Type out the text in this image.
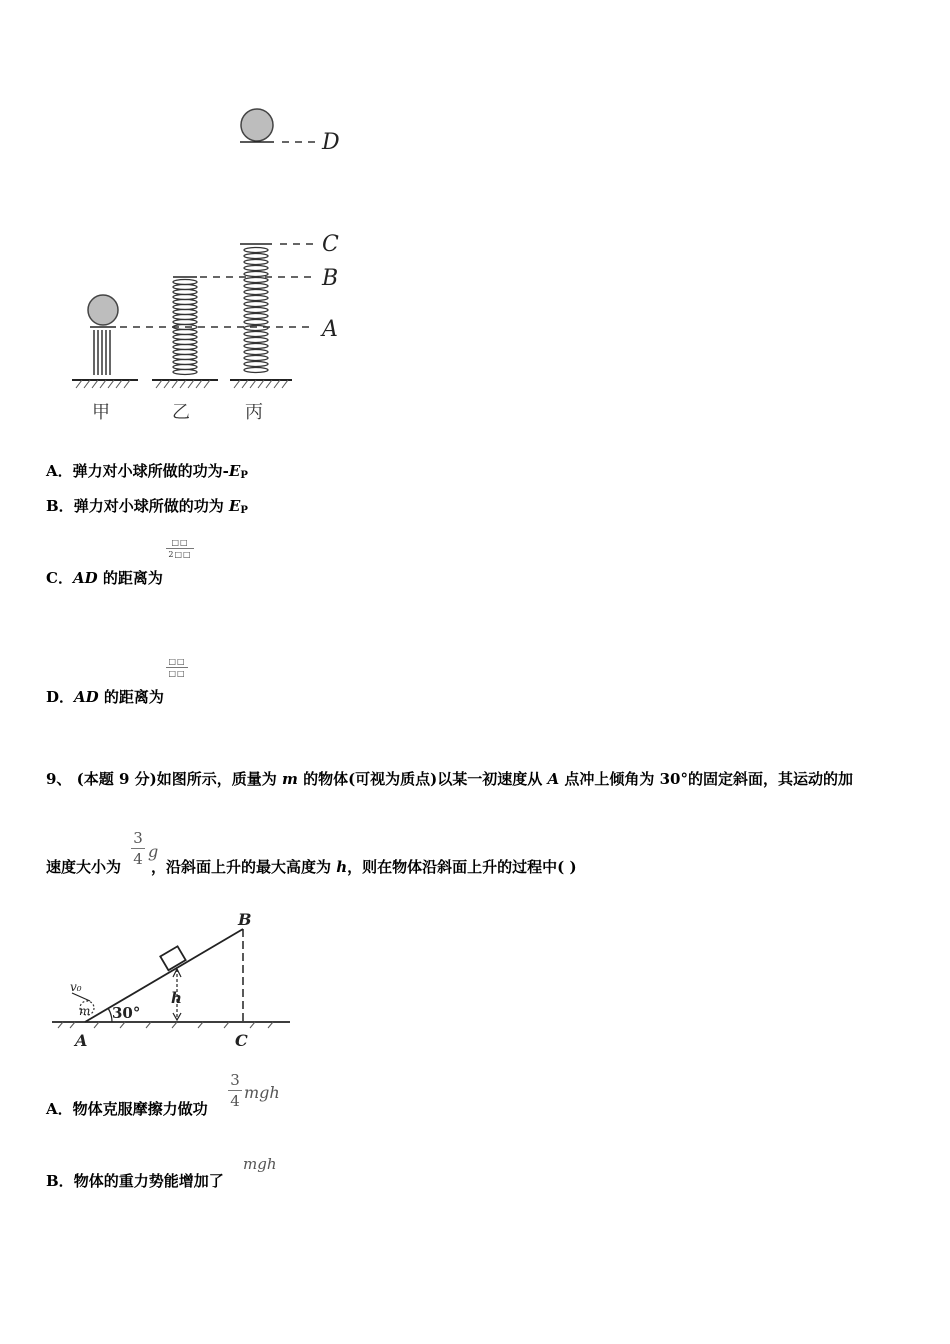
D
C
B
A
甲	乙	丙
A．弹力对小球所做的功为$-E_P$
B．弹力对小球所做的功为 $E_P$
C．AD 的距离为
□□
2□□
D．AD 的距离为
□□
□□
9、 (本题 9 分)如图所示，质量为 m 的物体(可视为质点)以某一初速度从 A 点冲上倾角为 30°的固定斜面，其运动的加
速度大小为 ，沿斜面上升的最大高度为 h，则在物体沿斜面上升的过程中( )
3
4 g
B
A	C
h
30°
m
v₀
A．物体克服摩擦力做功
3
4 mgh
B．物体的重力势能增加了
mgh
